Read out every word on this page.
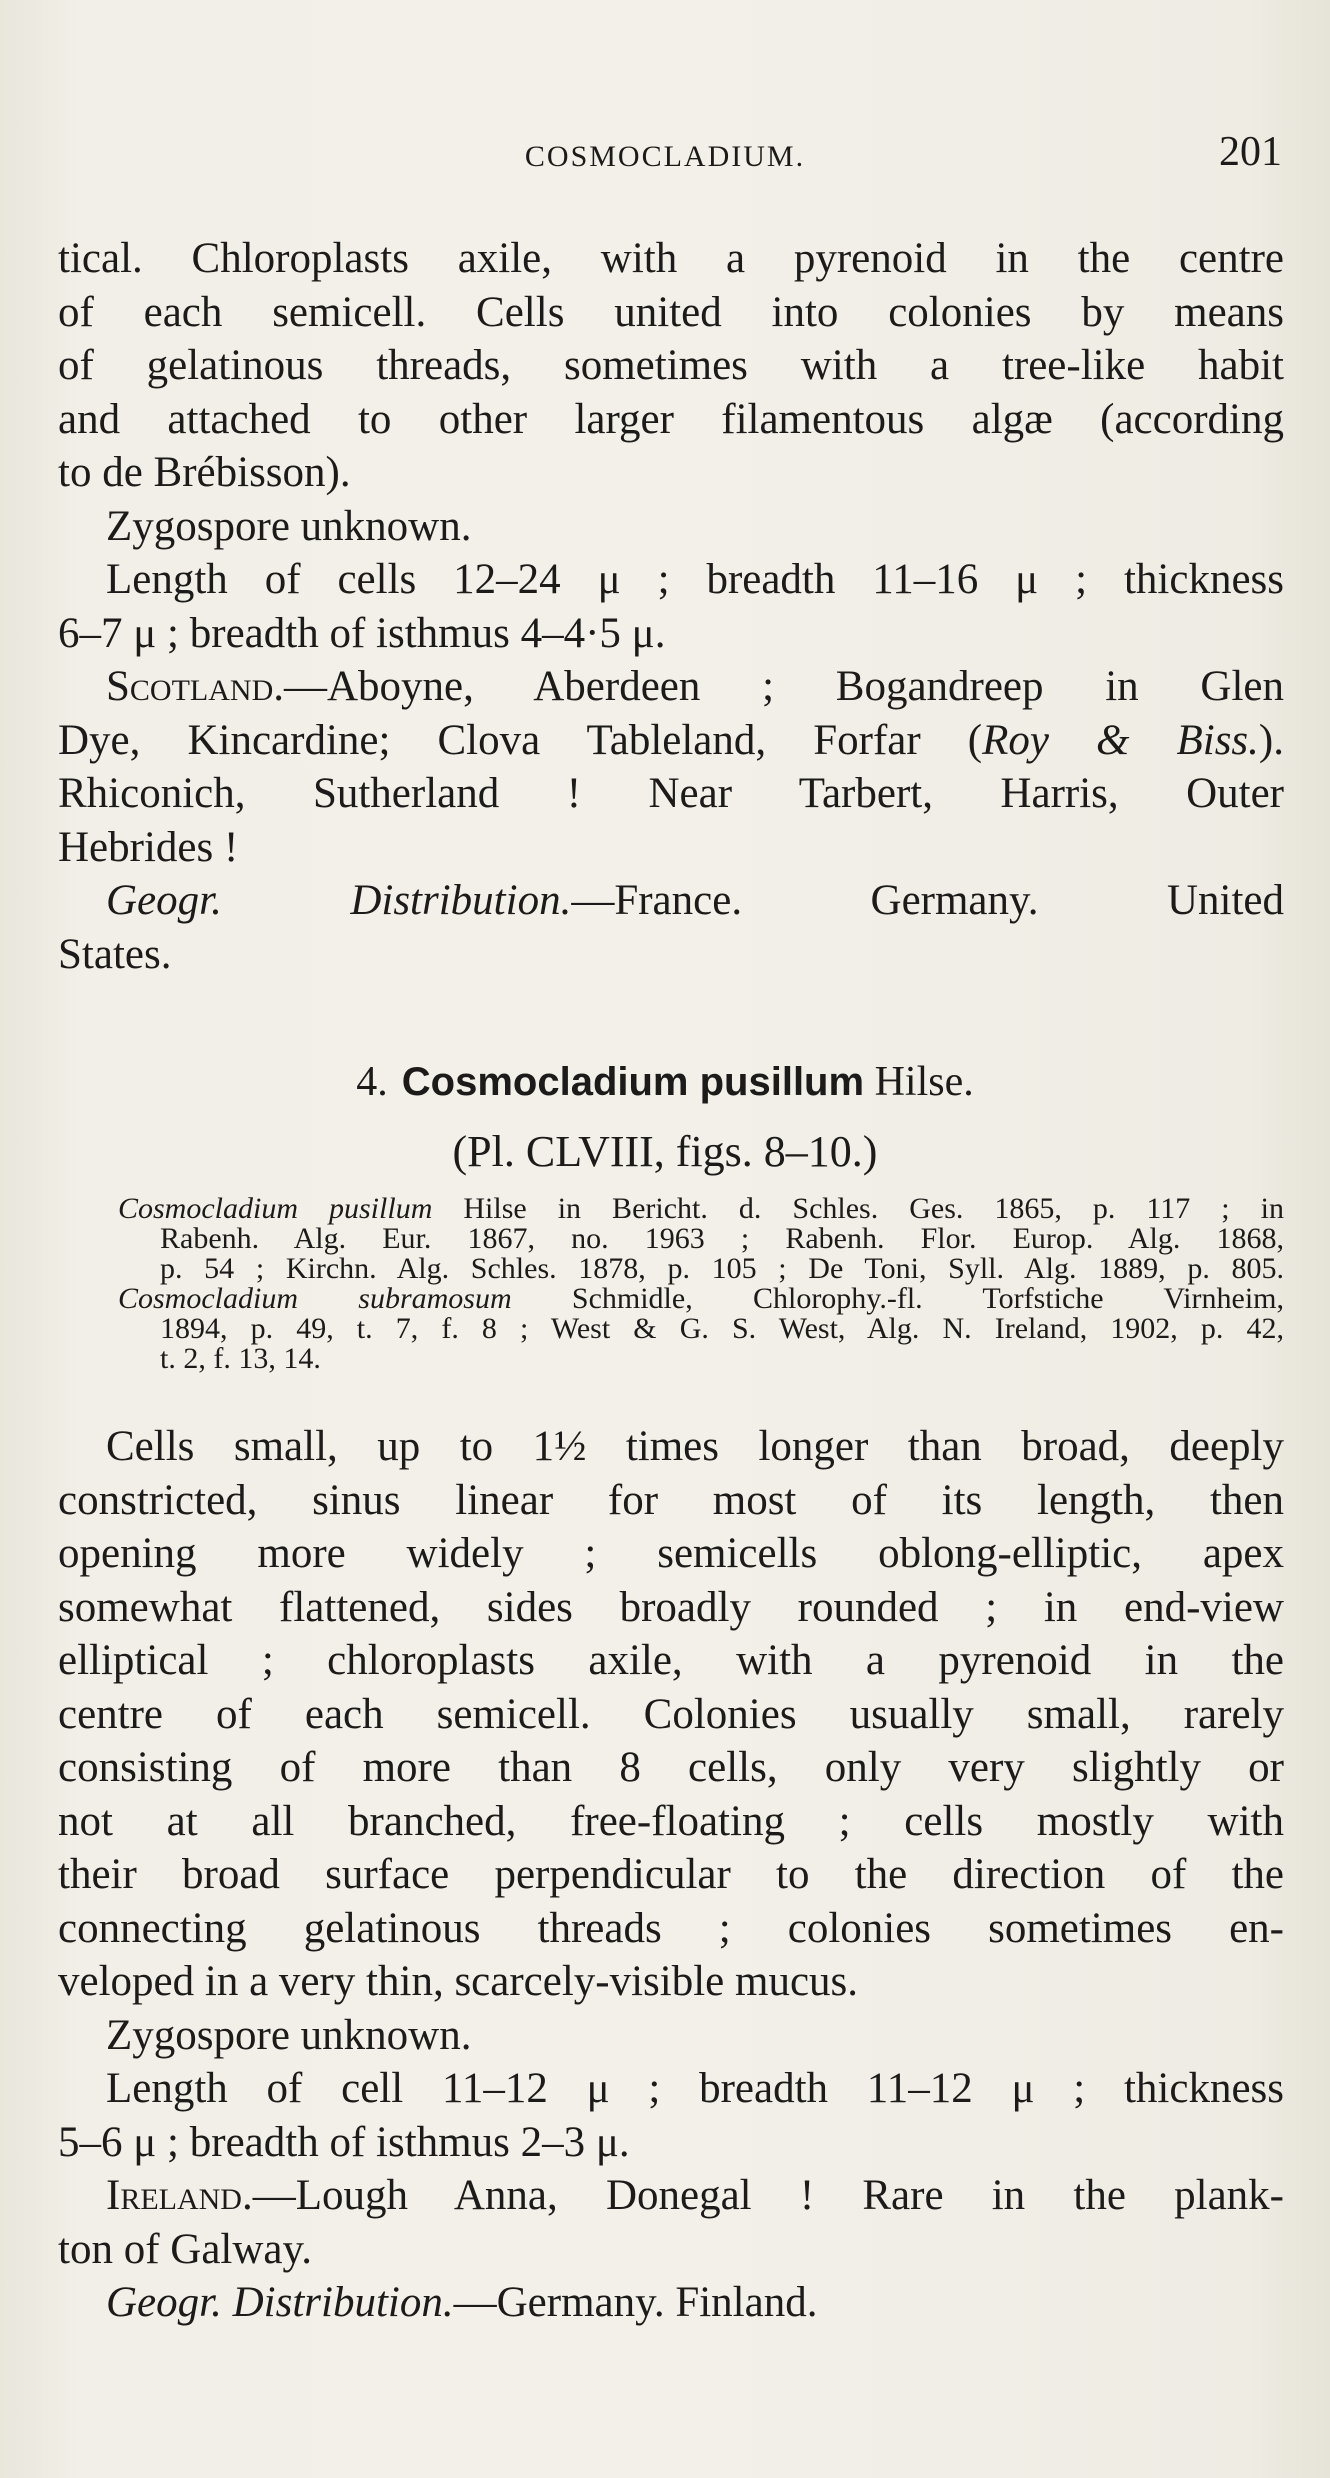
COSMOCLADIUM.	201
tical. Chloroplasts axile, with a pyrenoid in the centre
of each semicell. Cells united into colonies by means
of gelatinous threads, sometimes with a tree-like habit
and attached to other larger filamentous algæ (according
to de Brébisson).
Zygospore unknown.
Length of cells 12–24 μ ; breadth 11–16 μ ; thickness
6–7 μ ; breadth of isthmus 4–4·5 μ.
Scotland.—Aboyne, Aberdeen ; Bogandreep in Glen
Dye, Kincardine; Clova Tableland, Forfar (Roy & Biss.).
Rhiconich, Sutherland ! Near Tarbert, Harris, Outer
Hebrides !
Geogr. Distribution.—France. Germany. United
States.
4. Cosmocladium pusillum Hilse.
(Pl. CLVIII, figs. 8–10.)
Cosmocladium pusillum Hilse in Bericht. d. Schles. Ges. 1865, p. 117 ; in
Rabenh. Alg. Eur. 1867, no. 1963 ; Rabenh. Flor. Europ. Alg. 1868,
p. 54 ; Kirchn. Alg. Schles. 1878, p. 105 ; De Toni, Syll. Alg. 1889, p. 805.
Cosmocladium subramosum Schmidle, Chlorophy.-fl. Torfstiche Virnheim,
1894, p. 49, t. 7, f. 8 ; West & G. S. West, Alg. N. Ireland, 1902, p. 42,
t. 2, f. 13, 14.
Cells small, up to 1½ times longer than broad, deeply
constricted, sinus linear for most of its length, then
opening more widely ; semicells oblong-elliptic, apex
somewhat flattened, sides broadly rounded ; in end-view
elliptical ; chloroplasts axile, with a pyrenoid in the
centre of each semicell. Colonies usually small, rarely
consisting of more than 8 cells, only very slightly or
not at all branched, free-floating ; cells mostly with
their broad surface perpendicular to the direction of the
connecting gelatinous threads ; colonies sometimes en-
veloped in a very thin, scarcely-visible mucus.
Zygospore unknown.
Length of cell 11–12 μ ; breadth 11–12 μ ; thickness
5–6 μ ; breadth of isthmus 2–3 μ.
Ireland.—Lough Anna, Donegal ! Rare in the plank-
ton of Galway.
Geogr. Distribution.—Germany. Finland.
